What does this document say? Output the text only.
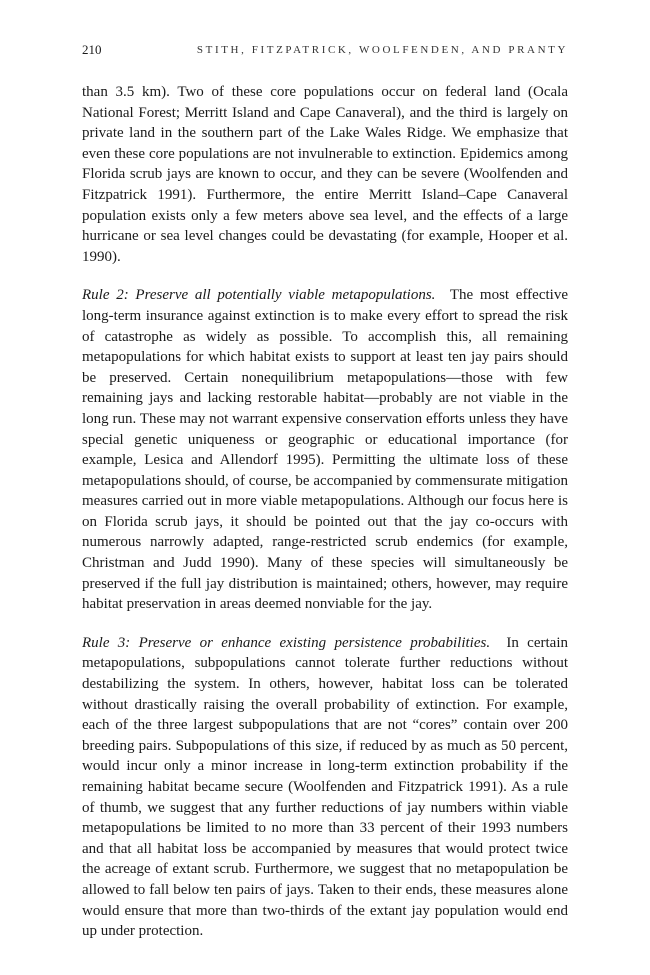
210	STITH, FITZPATRICK, WOOLFENDEN, AND PRANTY

than 3.5 km). Two of these core populations occur on federal land (Ocala National Forest; Merritt Island and Cape Canaveral), and the third is largely on private land in the southern part of the Lake Wales Ridge. We emphasize that even these core populations are not invulnerable to extinction. Epidemics among Florida scrub jays are known to occur, and they can be severe (Woolfenden and Fitzpatrick 1991). Furthermore, the entire Merritt Island–Cape Canaveral population exists only a few meters above sea level, and the effects of a large hurricane or sea level changes could be devastating (for example, Hooper et al. 1990).

Rule 2: Preserve all potentially viable metapopulations. The most effective long-term insurance against extinction is to make every effort to spread the risk of catastrophe as widely as possible. To accomplish this, all remaining metapopulations for which habitat exists to support at least ten jay pairs should be preserved. Certain nonequilibrium metapopulations—those with few remaining jays and lacking restorable habitat—probably are not viable in the long run. These may not warrant expensive conservation efforts unless they have special genetic uniqueness or geographic or educational importance (for example, Lesica and Allendorf 1995). Permitting the ultimate loss of these metapopulations should, of course, be accompanied by commensurate mitigation measures carried out in more viable metapopulations. Although our focus here is on Florida scrub jays, it should be pointed out that the jay co-occurs with numerous narrowly adapted, range-restricted scrub endemics (for example, Christman and Judd 1990). Many of these species will simultaneously be preserved if the full jay distribution is maintained; others, however, may require habitat preservation in areas deemed nonviable for the jay.

Rule 3: Preserve or enhance existing persistence probabilities. In certain metapopulations, subpopulations cannot tolerate further reductions without destabilizing the system. In others, however, habitat loss can be tolerated without drastically raising the overall probability of extinction. For example, each of the three largest subpopulations that are not “cores” contain over 200 breeding pairs. Subpopulations of this size, if reduced by as much as 50 percent, would incur only a minor increase in long-term extinction probability if the remaining habitat became secure (Woolfenden and Fitzpatrick 1991). As a rule of thumb, we suggest that any further reductions of jay numbers within viable metapopulations be limited to no more than 33 percent of their 1993 numbers and that all habitat loss be accompanied by measures that would protect twice the acreage of extant scrub. Furthermore, we suggest that no metapopulation be allowed to fall below ten pairs of jays. Taken to their ends, these measures alone would ensure that more than two-thirds of the extant jay population would end up under protection.
